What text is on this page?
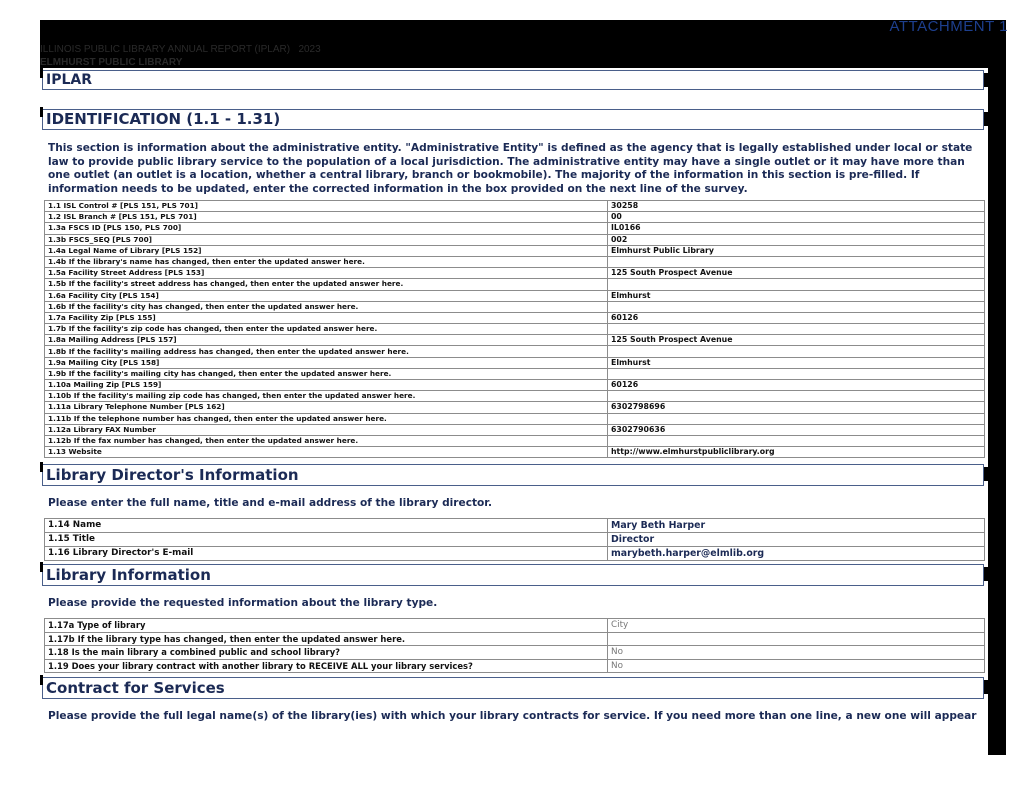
ATTACHMENT 1
ILLINOIS PUBLIC LIBRARY ANNUAL REPORT (IPLAR) 2023
ELMHURST PUBLIC LIBRARY
IPLAR
IDENTIFICATION (1.1 - 1.31)
This section is information about the administrative entity. "Administrative Entity" is defined as the agency that is legally established under local or state law to provide public library service to the population of a local jurisdiction. The administrative entity may have a single outlet or it may have more than one outlet (an outlet is a location, whether a central library, branch or bookmobile). The majority of the information in this section is pre-filled. If information needs to be updated, enter the corrected information in the box provided on the next line of the survey.
1.1 ISL Control # [PLS 151, PLS 701]	30258
1.2 ISL Branch # [PLS 151, PLS 701]	00
1.3a FSCS ID [PLS 150, PLS 700]	IL0166
1.3b FSCS_SEQ [PLS 700]	002
1.4a Legal Name of Library [PLS 152]	Elmhurst Public Library
1.4b If the library's name has changed, then enter the updated answer here.	
1.5a Facility Street Address [PLS 153]	125 South Prospect Avenue
1.5b If the facility's street address has changed, then enter the updated answer here.	
1.6a Facility City [PLS 154]	Elmhurst
1.6b If the facility's city has changed, then enter the updated answer here.	
1.7a Facility Zip [PLS 155]	60126
1.7b If the facility's zip code has changed, then enter the updated answer here.	
1.8a Mailing Address [PLS 157]	125 South Prospect Avenue
1.8b If the facility's mailing address has changed, then enter the updated answer here.	
1.9a Mailing City [PLS 158]	Elmhurst
1.9b If the facility's mailing city has changed, then enter the updated answer here.	
1.10a Mailing Zip [PLS 159]	60126
1.10b If the facility's mailing zip code has changed, then enter the updated answer here.	
1.11a Library Telephone Number [PLS 162]	6302798696
1.11b If the telephone number has changed, then enter the updated answer here.	
1.12a Library FAX Number	6302790636
1.12b If the fax number has changed, then enter the updated answer here.	
1.13 Website	http://www.elmhurstpubliclibrary.org
Library Director's Information
Please enter the full name, title and e-mail address of the library director.
1.14 Name	Mary Beth Harper
1.15 Title	Director
1.16 Library Director's E-mail	marybeth.harper@elmlib.org
Library Information
Please provide the requested information about the library type.
1.17a Type of library	City
1.17b If the library type has changed, then enter the updated answer here.	
1.18 Is the main library a combined public and school library?	No
1.19 Does your library contract with another library to RECEIVE ALL your library services?	No
Contract for Services
Please provide the full legal name(s) of the library(ies) with which your library contracts for service. If you need more than one line, a new one will appear
